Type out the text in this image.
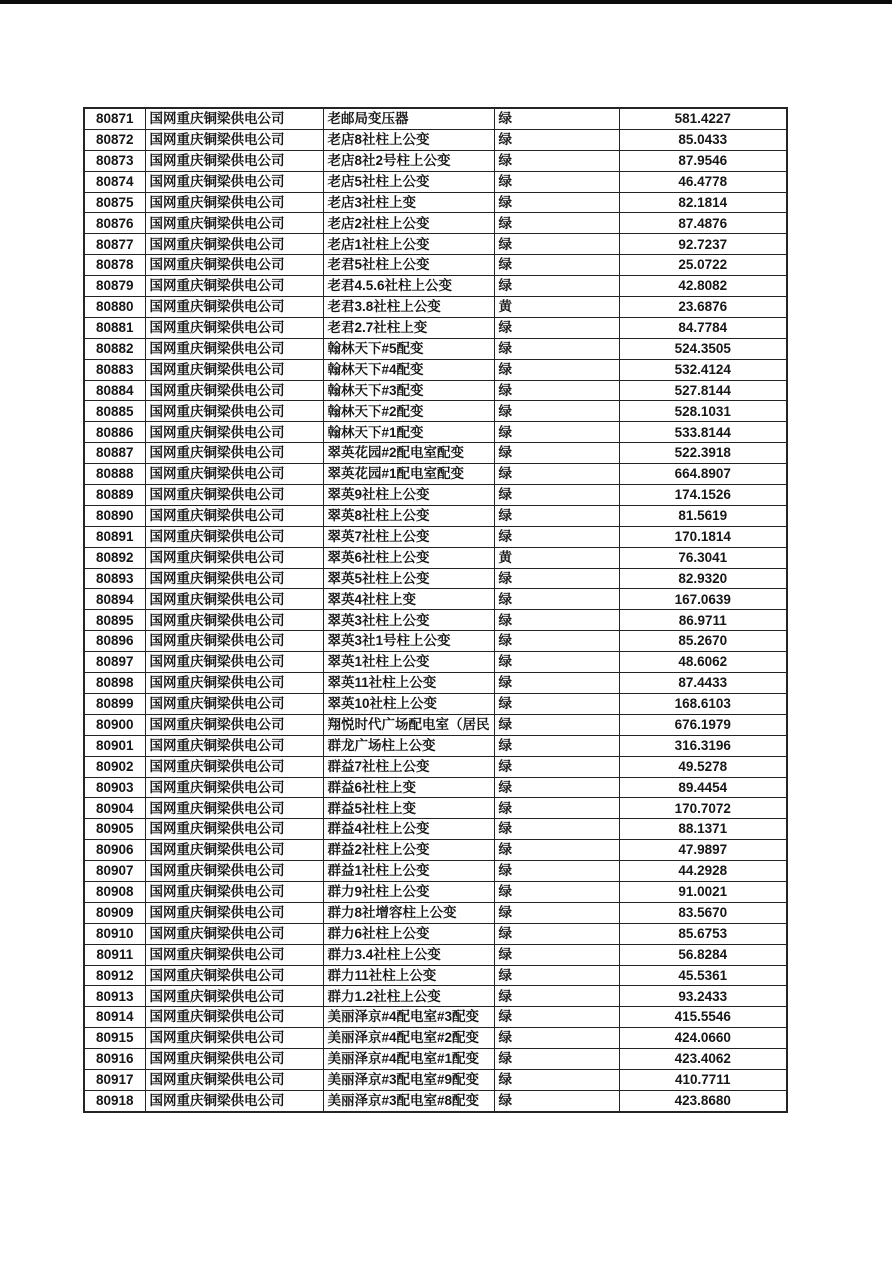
80871	国网重庆铜梁供电公司	老邮局变压器	绿	581.4227
80872	国网重庆铜梁供电公司	老店8社柱上公变	绿	85.0433
80873	国网重庆铜梁供电公司	老店8社2号柱上公变	绿	87.9546
80874	国网重庆铜梁供电公司	老店5社柱上公变	绿	46.4778
80875	国网重庆铜梁供电公司	老店3社柱上变	绿	82.1814
80876	国网重庆铜梁供电公司	老店2社柱上公变	绿	87.4876
80877	国网重庆铜梁供电公司	老店1社柱上公变	绿	92.7237
80878	国网重庆铜梁供电公司	老君5社柱上公变	绿	25.0722
80879	国网重庆铜梁供电公司	老君4.5.6社柱上公变	绿	42.8082
80880	国网重庆铜梁供电公司	老君3.8社柱上公变	黄	23.6876
80881	国网重庆铜梁供电公司	老君2.7社柱上变	绿	84.7784
80882	国网重庆铜梁供电公司	翰林天下#5配变	绿	524.3505
80883	国网重庆铜梁供电公司	翰林天下#4配变	绿	532.4124
80884	国网重庆铜梁供电公司	翰林天下#3配变	绿	527.8144
80885	国网重庆铜梁供电公司	翰林天下#2配变	绿	528.1031
80886	国网重庆铜梁供电公司	翰林天下#1配变	绿	533.8144
80887	国网重庆铜梁供电公司	翠英花园#2配电室配变	绿	522.3918
80888	国网重庆铜梁供电公司	翠英花园#1配电室配变	绿	664.8907
80889	国网重庆铜梁供电公司	翠英9社柱上公变	绿	174.1526
80890	国网重庆铜梁供电公司	翠英8社柱上公变	绿	81.5619
80891	国网重庆铜梁供电公司	翠英7社柱上公变	绿	170.1814
80892	国网重庆铜梁供电公司	翠英6社柱上公变	黄	76.3041
80893	国网重庆铜梁供电公司	翠英5社柱上公变	绿	82.9320
80894	国网重庆铜梁供电公司	翠英4社柱上变	绿	167.0639
80895	国网重庆铜梁供电公司	翠英3社柱上公变	绿	86.9711
80896	国网重庆铜梁供电公司	翠英3社1号柱上公变	绿	85.2670
80897	国网重庆铜梁供电公司	翠英1社柱上公变	绿	48.6062
80898	国网重庆铜梁供电公司	翠英11社柱上公变	绿	87.4433
80899	国网重庆铜梁供电公司	翠英10社柱上公变	绿	168.6103
80900	国网重庆铜梁供电公司	翔悦时代广场配电室（居民	绿	676.1979
80901	国网重庆铜梁供电公司	群龙广场柱上公变	绿	316.3196
80902	国网重庆铜梁供电公司	群益7社柱上公变	绿	49.5278
80903	国网重庆铜梁供电公司	群益6社柱上变	绿	89.4454
80904	国网重庆铜梁供电公司	群益5社柱上变	绿	170.7072
80905	国网重庆铜梁供电公司	群益4社柱上公变	绿	88.1371
80906	国网重庆铜梁供电公司	群益2社柱上公变	绿	47.9897
80907	国网重庆铜梁供电公司	群益1社柱上公变	绿	44.2928
80908	国网重庆铜梁供电公司	群力9社柱上公变	绿	91.0021
80909	国网重庆铜梁供电公司	群力8社增容柱上公变	绿	83.5670
80910	国网重庆铜梁供电公司	群力6社柱上公变	绿	85.6753
80911	国网重庆铜梁供电公司	群力3.4社柱上公变	绿	56.8284
80912	国网重庆铜梁供电公司	群力11社柱上公变	绿	45.5361
80913	国网重庆铜梁供电公司	群力1.2社柱上公变	绿	93.2433
80914	国网重庆铜梁供电公司	美丽泽京#4配电室#3配变	绿	415.5546
80915	国网重庆铜梁供电公司	美丽泽京#4配电室#2配变	绿	424.0660
80916	国网重庆铜梁供电公司	美丽泽京#4配电室#1配变	绿	423.4062
80917	国网重庆铜梁供电公司	美丽泽京#3配电室#9配变	绿	410.7711
80918	国网重庆铜梁供电公司	美丽泽京#3配电室#8配变	绿	423.8680
